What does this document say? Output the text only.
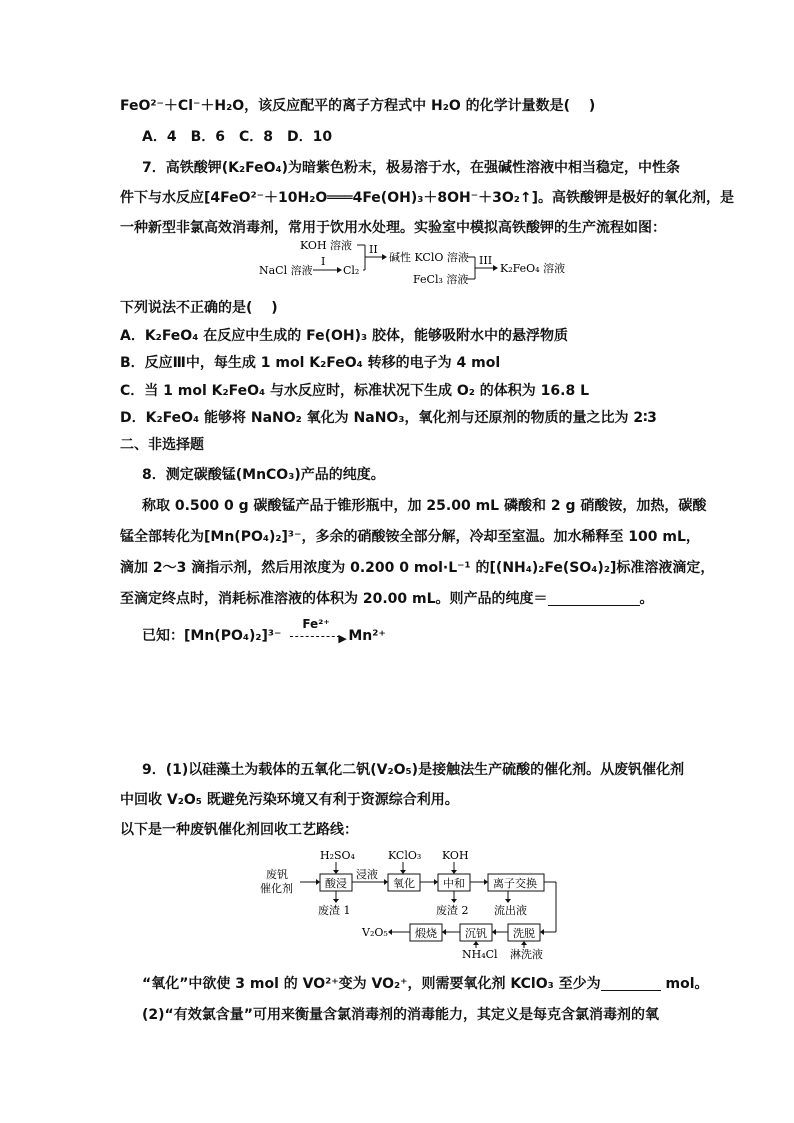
FeO²⁻＋Cl⁻＋H₂O，该反应配平的离子方程式中 H₂O 的化学计量数是(　 )
A．4　B．6　C．8　D．10
7．高铁酸钾(K₂FeO₄)为暗紫色粉末，极易溶于水，在强碱性溶液中相当稳定，中性条
件下与水反应[4FeO²⁻＋10H₂O═══4Fe(OH)₃＋8OH⁻＋3O₂↑]。高铁酸钾是极好的氧化剂，是
一种新型非氯高效消毒剂，常用于饮用水处理。实验室中模拟高铁酸钾的生产流程如图：
KOH 溶液
NaCl 溶液
I
Cl₂
II
碱性 KClO 溶液
FeCl₃ 溶液
III
K₂FeO₄ 溶液
下列说法不正确的是(　 )
A．K₂FeO₄ 在反应中生成的 Fe(OH)₃ 胶体，能够吸附水中的悬浮物质
B．反应Ⅲ中，每生成 1 mol K₂FeO₄ 转移的电子为 4 mol
C．当 1 mol K₂FeO₄ 与水反应时，标准状况下生成 O₂ 的体积为 16.8 L
D．K₂FeO₄ 能够将 NaNO₂ 氧化为 NaNO₃，氧化剂与还原剂的物质的量之比为 2∶3
二、非选择题
8．测定碳酸锰(MnCO₃)产品的纯度。
称取 0.500 0 g 碳酸锰产品于锥形瓶中，加 25.00 mL 磷酸和 2 g 硝酸铵，加热，碳酸
锰全部转化为[Mn(PO₄)₂]³⁻，多余的硝酸铵全部分解，冷却至室温。加水稀释至 100 mL，
滴加 2～3 滴指示剂，然后用浓度为 0.200 0 mol·L⁻¹ 的[(NH₄)₂Fe(SO₄)₂]标准溶液滴定，
至滴定终点时，消耗标准溶液的体积为 20.00 mL。则产品的纯度＝	。
已知：[Mn(PO₄)₂]³⁻
Fe²⁺
▶ Mn²⁺
9．(1)以硅藻土为载体的五氧化二钒(V₂O₅)是接触法生产硫酸的催化剂。从废钒催化剂
中回收 V₂O₅ 既避免污染环境又有利于资源综合利用。
以下是一种废钒催化剂回收工艺路线：
H₂SO₄	KClO₃ KOH
废钒
催化剂	酸浸
浸液
氧化	中和	离子交换
废渣 1	废渣 2 流出液
洗脱
沉钒
煅烧
V₂O₅
NH₄Cl 淋洗液
“氧化”中欲使 3 mol 的 VO²⁺变为 VO₂⁺，则需要氧化剂 KClO₃ 至少为	mol。
(2)“有效氯含量”可用来衡量含氯消毒剂的消毒能力，其定义是每克含氯消毒剂的氧
